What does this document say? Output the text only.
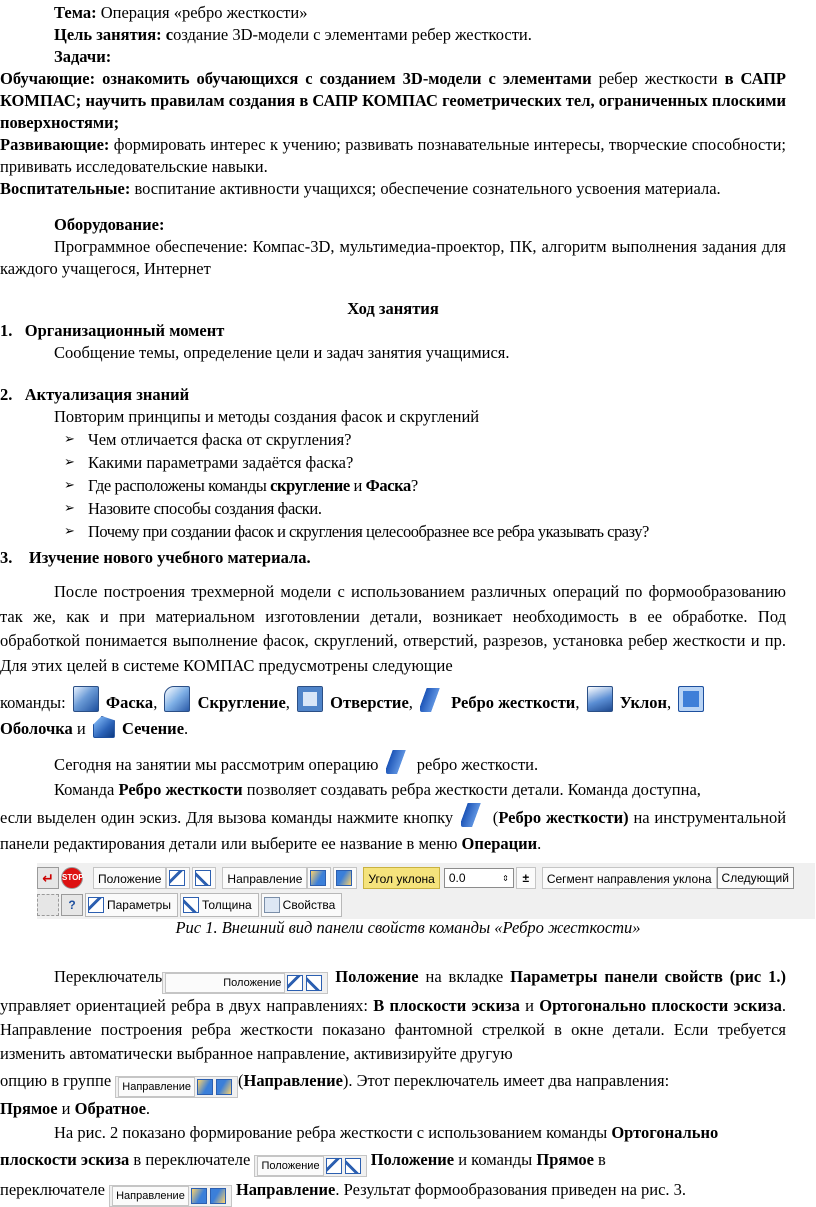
Тема: Операция «ребро жесткости»

Цель занятия: создание 3D-модели с элементами ребер жесткости.

Задачи:

Обучающие: ознакомить обучающихся с созданием 3D-модели с элементами ребер жесткости в САПР КОМПАС; научить правилам создания в САПР КОМПАС геометрических тел, ограниченных плоскими поверхностями;

Развивающие: формировать интерес к учению; развивать познавательные интересы, творческие способности; прививать исследовательские навыки.

Воспитательные: воспитание активности учащихся; обеспечение сознательного усвоения материала.

Оборудование:

Программное обеспечение: Компас-3D, мультимедиа-проектор, ПК, алгоритм выполнения задания для каждого учащегося, Интернет

Ход занятия

1.   Организационный момент

Сообщение темы, определение цели и задач занятия учащимися.

2.   Актуализация знаний

Повторим принципы и методы создания фасок и скруглений

➢ Чем отличается фаска от скругления?
➢ Какими параметрами задаётся фаска?
➢ Где расположены команды скругление и Фаска?
➢ Назовите способы создания фаски.
➢ Почему при создании фасок и скругления целесообразнее все ребра указывать сразу?

3.    Изучение нового учебного материала.

После построения трехмерной модели с использованием различных операций по формообразованию так же, как и при материальном изготовлении детали, возникает необходимость в ее обработке. Под обработкой понимается выполнение фасок, скруглений, отверстий, разрезов, установка ребер жесткости и пр. Для этих целей в системе КОМПАС предусмотрены следующие

команды:  Фаска, Скругление, Отверстие, Ребро жесткости, Уклон,

Оболочка и  Сечение.

Сегодня на занятии мы рассмотрим операцию  ребро жесткости.

Команда Ребро жесткости позволяет создавать ребра жесткости детали. Команда доступна,

если выделен один эскиз. Для вызова команды нажмите кнопку  (Ребро жесткости) на инструментальной панели редактирования детали или выберите ее название в меню Операции.

↵	STOP	Положение	Направление	Угол уклона	0.0	⇕	±	Сегмент направления уклона Следующий
?	Параметры	Толщина	Свойства

Рис 1. Внешний вид панели свойств команды «Ребро жесткости»

Переключатель	Положение	Положение на вкладке Параметры панели свойств (рис 1.) управляет ориентацией ребра в двух направлениях: В плоскости эскиза и Ортогонально плоскости эскиза. Направление построения ребра жесткости показано фантомной стрелкой в окне детали. Если требуется изменить автоматически выбранное направление, активизируйте другую

опцию в группе Направление	(Направление). Этот переключатель имеет два направления:

Прямое и Обратное.

На рис. 2 показано формирование ребра жесткости с использованием команды Ортогонально

плоскости эскиза в переключателе Положение	Положение и команды Прямое в

переключателе Направление	Направление. Результат формообразования приведен на рис. 3.
